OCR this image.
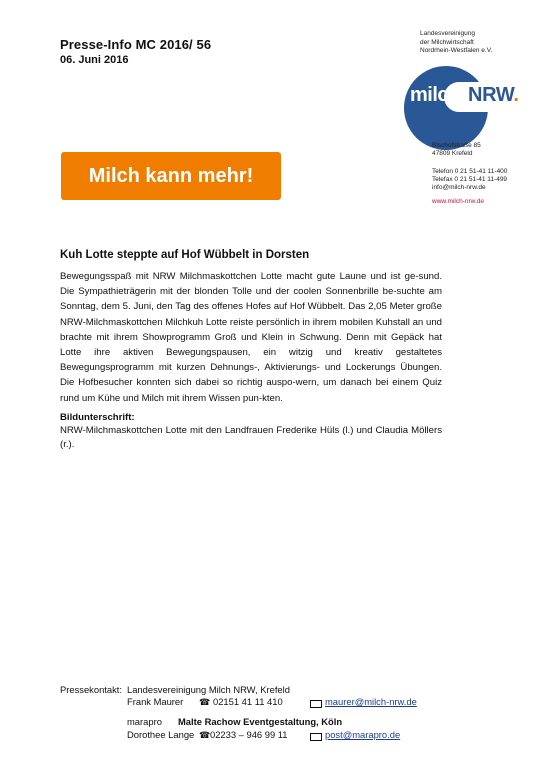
Presse-Info MC 2016/ 56
06. Juni 2016
Landesvereinigung
der Milchwirtschaft
Nordrhein-Westfalen e.V.
milch NRW.
Bischofstraße 85
47809 Krefeld
Telefon 0 21 51-41 11-400
Telefax 0 21 51-41 11-499
info@milch-nrw.de
www.milch-nrw.de
Milch kann mehr!
Kuh Lotte steppte auf Hof Wübbelt in Dorsten
Bewegungsspaß mit NRW Milchmaskottchen Lotte macht gute Laune und ist ge-sund. Die Sympathieträgerin mit der blonden Tolle und der coolen Sonnenbrille be-suchte am Sonntag, dem 5. Juni, den Tag des offenes Hofes auf Hof Wübbelt. Das 2,05 Meter große NRW-Milchmaskottchen Milchkuh Lotte reiste persönlich in ihrem mobilen Kuhstall an und brachte mit ihrem Showprogramm Groß und Klein in Schwung. Denn mit Gepäck hat Lotte ihre aktiven Bewegungspausen, ein witzig und kreativ gestaltetes Bewegungsprogramm mit kurzen Dehnungs-, Aktivierungs- und Lockerungs Übungen. Die Hofbesucher konnten sich dabei so richtig auspo-wern, um danach bei einem Quiz rund um Kühe und Milch mit ihrem Wissen pun-kten.
Bildunterschrift:
NRW-Milchmaskottchen Lotte mit den Landfrauen Frederike Hüls (l.) und Claudia Möllers (r.).
Pressekontakt: Landesvereinigung Milch NRW, Krefeld
Frank Maurer ☎ 02151 41 11 410	maurer@milch-nrw.de
marapro Malte Rachow Eventgestaltung, Köln
Dorothee Lange ☎ 02233 – 946 99 11	post@marapro.de
